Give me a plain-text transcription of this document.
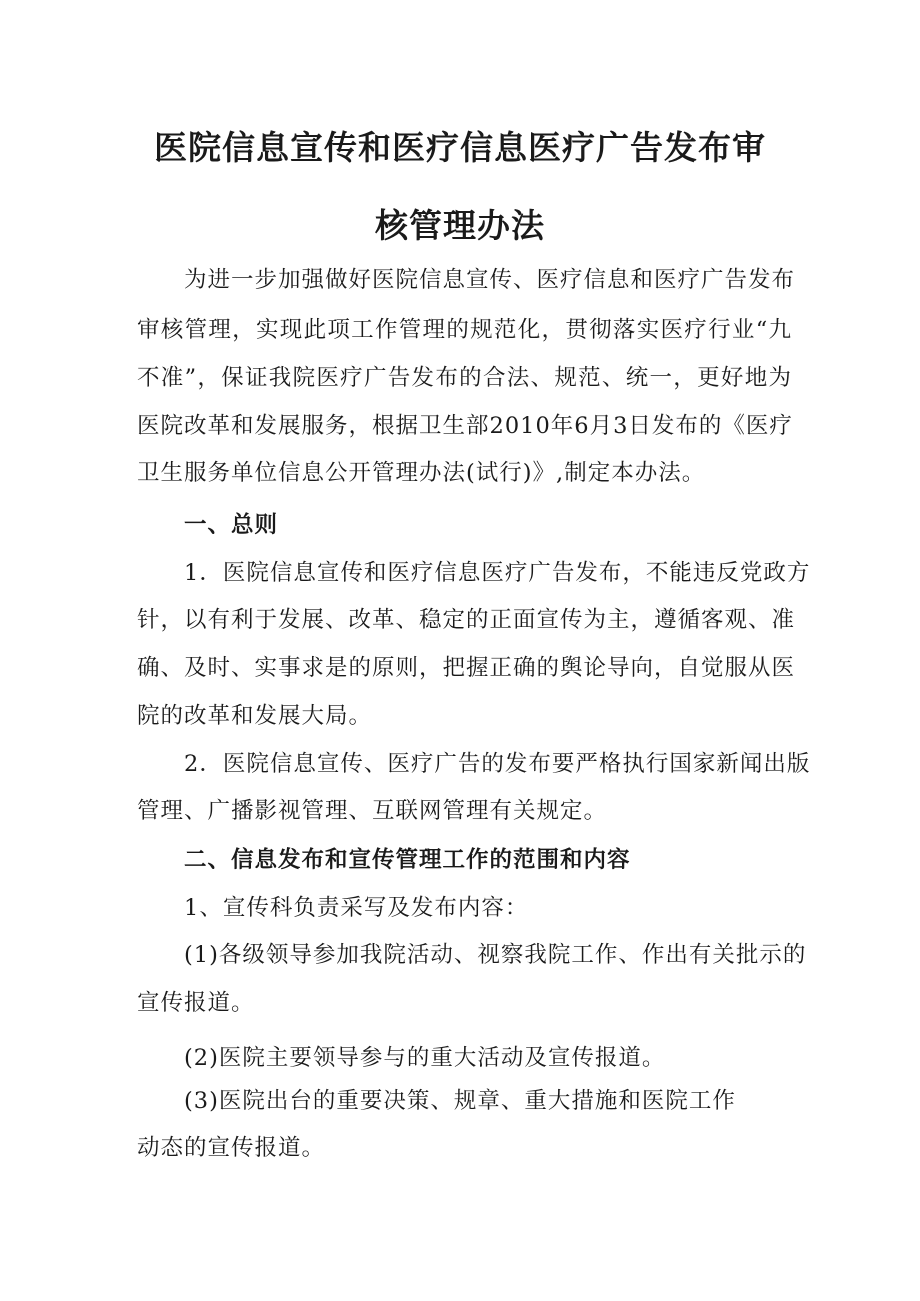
医院信息宣传和医疗信息医疗广告发布审
核管理办法

为进一步加强做好医院信息宣传、医疗信息和医疗广告发布

审核管理，实现此项工作管理的规范化，贯彻落实医疗行业“九

不准”，保证我院医疗广告发布的合法、规范、统一，更好地为

医院改革和发展服务，根据卫生部2010年6月3日发布的《医疗

卫生服务单位信息公开管理办法(试行)》,制定本办法。

一、总则

1．医院信息宣传和医疗信息医疗广告发布，不能违反党政方

针，以有利于发展、改革、稳定的正面宣传为主，遵循客观、准

确、及时、实事求是的原则，把握正确的舆论导向，自觉服从医

院的改革和发展大局。

2．医院信息宣传、医疗广告的发布要严格执行国家新闻出版

管理、广播影视管理、互联网管理有关规定。

二、信息发布和宣传管理工作的范围和内容

1、宣传科负责采写及发布内容：

(1)各级领导参加我院活动、视察我院工作、作出有关批示的

宣传报道。

(2)医院主要领导参与的重大活动及宣传报道。

(3)医院出台的重要决策、规章、重大措施和医院工作

动态的宣传报道。
